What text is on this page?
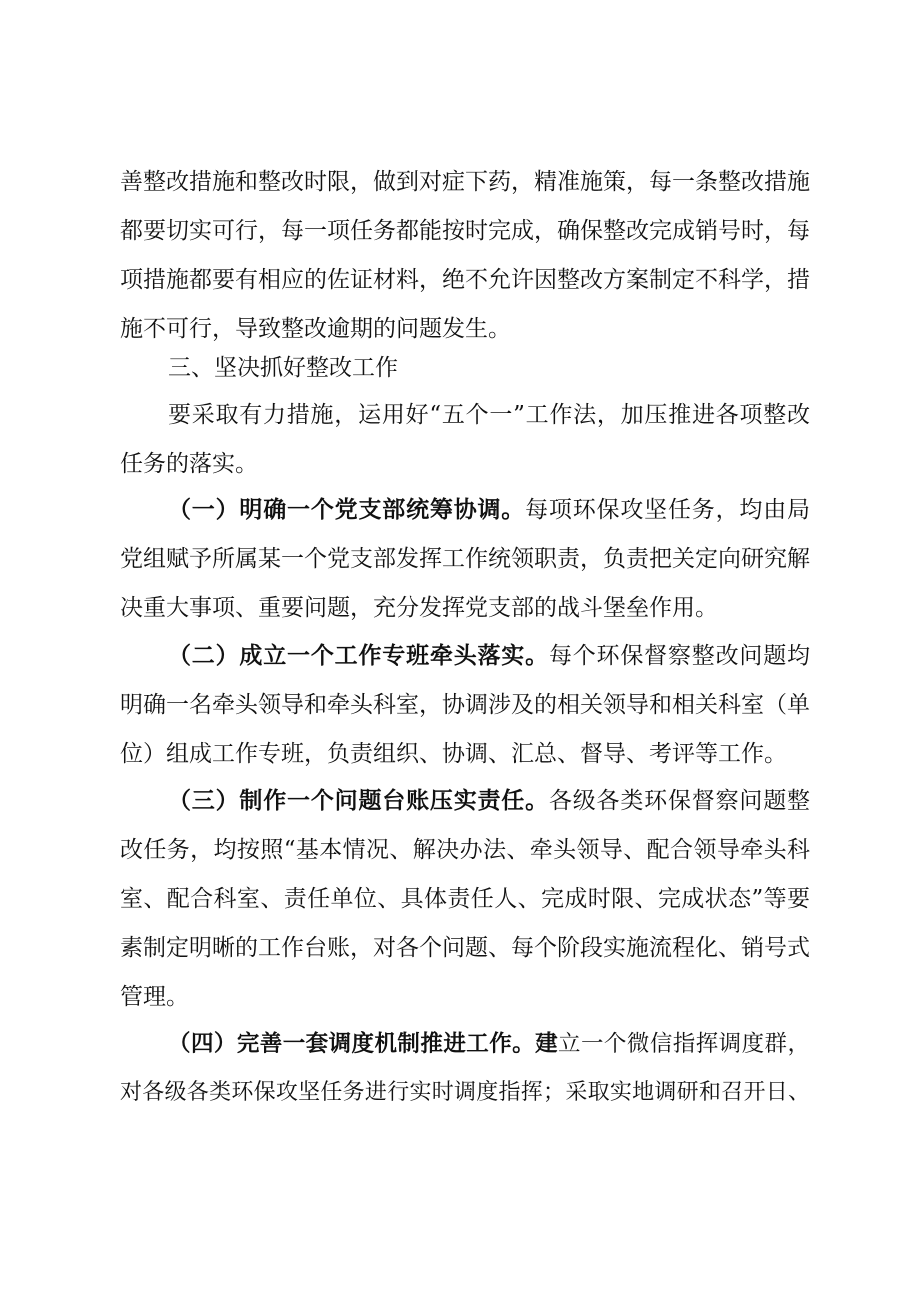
善整改措施和整改时限，做到对症下药，精准施策，每一条整改措施
都要切实可行，每一项任务都能按时完成，确保整改完成销号时，每
项措施都要有相应的佐证材料，绝不允许因整改方案制定不科学，措
施不可行，导致整改逾期的问题发生。
三、坚决抓好整改工作
要采取有力措施，运用好“五个一”工作法，加压推进各项整改
任务的落实。
（一）明确一个党支部统筹协调。每项环保攻坚任务，均由局
党组赋予所属某一个党支部发挥工作统领职责，负责把关定向研究解
决重大事项、重要问题，充分发挥党支部的战斗堡垒作用。
（二）成立一个工作专班牵头落实。每个环保督察整改问题均
明确一名牵头领导和牵头科室，协调涉及的相关领导和相关科室（单
位）组成工作专班，负责组织、协调、汇总、督导、考评等工作。
（三）制作一个问题台账压实责任。各级各类环保督察问题整
改任务，均按照“基本情况、解决办法、牵头领导、配合领导牵头科
室、配合科室、责任单位、具体责任人、完成时限、完成状态”等要
素制定明晰的工作台账，对各个问题、每个阶段实施流程化、销号式
管理。
（四）完善一套调度机制推进工作。建立一个微信指挥调度群，
对各级各类环保攻坚任务进行实时调度指挥；采取实地调研和召开日、
